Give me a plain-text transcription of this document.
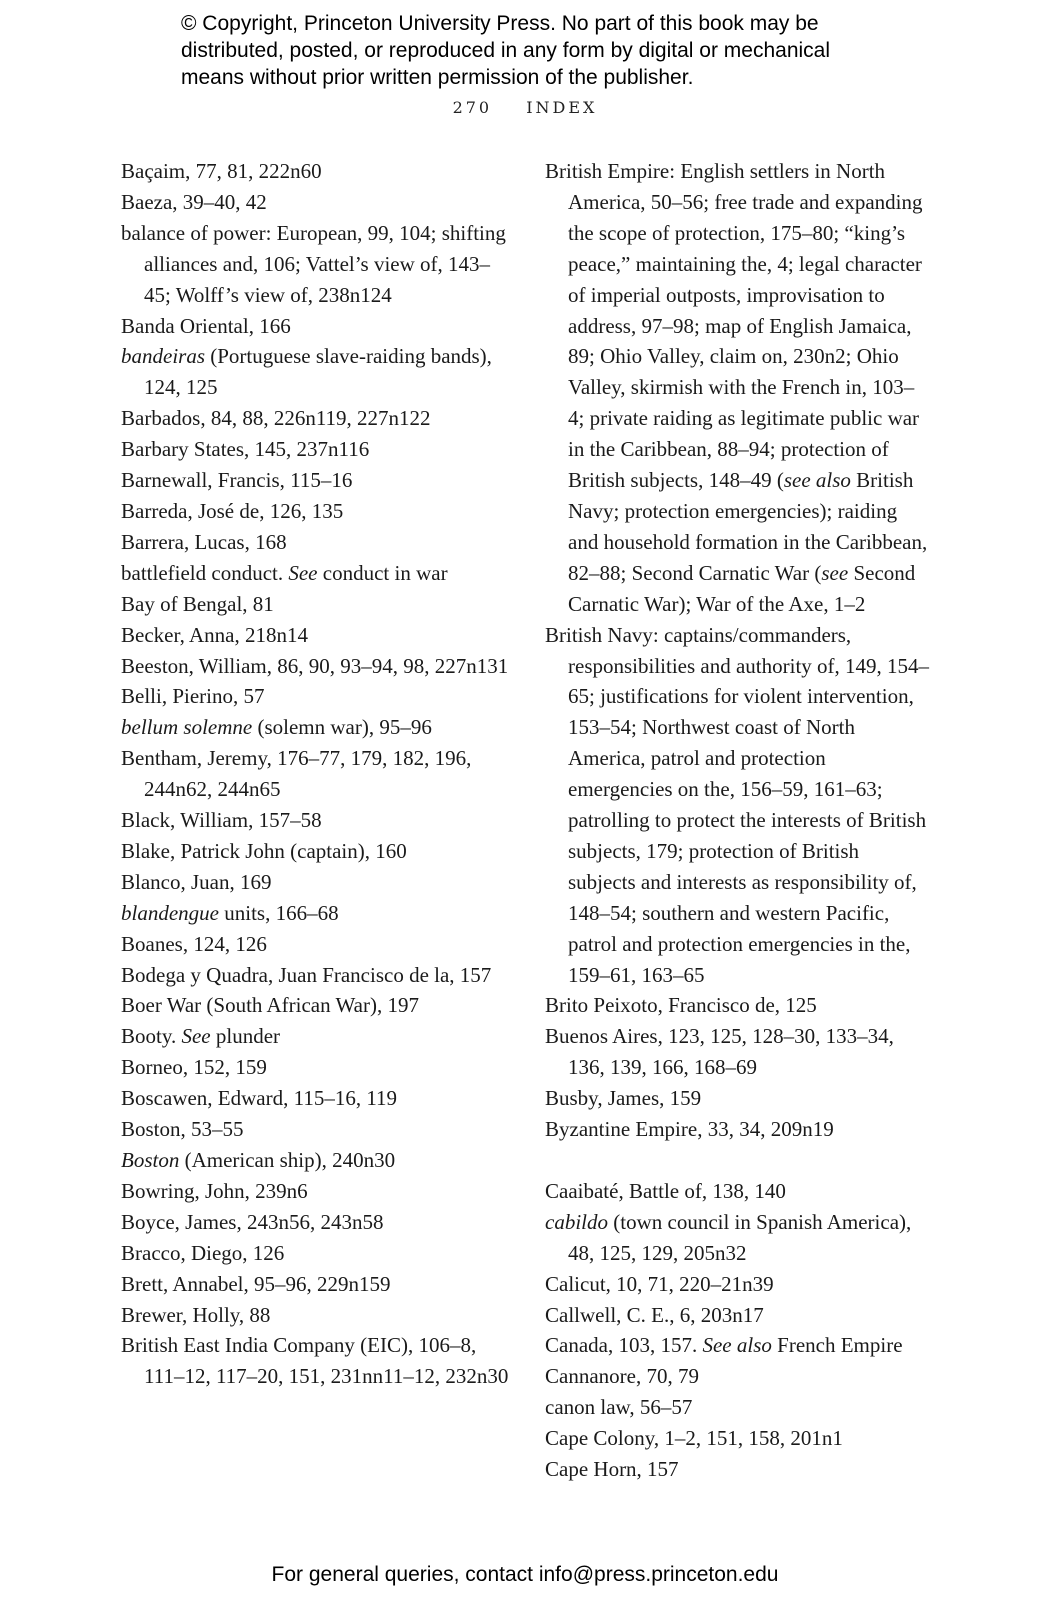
© Copyright, Princeton University Press. No part of this book may be
distributed, posted, or reproduced in any form by digital or mechanical
means without prior written permission of the publisher.
270 INDEX

Baçaim, 77, 81, 222n60

Baeza, 39–40, 42

balance of power: European, 99, 104; shifting alliances and, 106; Vattel’s view of, 143–45; Wolff’s view of, 238n124

Banda Oriental, 166

bandeiras (Portuguese slave-raiding bands), 124, 125

Barbados, 84, 88, 226n119, 227n122

Barbary States, 145, 237n116

Barnewall, Francis, 115–16

Barreda, José de, 126, 135

Barrera, Lucas, 168

battlefield conduct. See conduct in war

Bay of Bengal, 81

Becker, Anna, 218n14

Beeston, William, 86, 90, 93–94, 98, 227n131

Belli, Pierino, 57

bellum solemne (solemn war), 95–96

Bentham, Jeremy, 176–77, 179, 182, 196, 244n62, 244n65

Black, William, 157–58

Blake, Patrick John (captain), 160

Blanco, Juan, 169

blandengue units, 166–68

Boanes, 124, 126

Bodega y Quadra, Juan Francisco de la, 157

Boer War (South African War), 197

Booty. See plunder

Borneo, 152, 159

Boscawen, Edward, 115–16, 119

Boston, 53–55

Boston (American ship), 240n30

Bowring, John, 239n6

Boyce, James, 243n56, 243n58

Bracco, Diego, 126

Brett, Annabel, 95–96, 229n159

Brewer, Holly, 88

British East India Company (EIC), 106–8, 111–12, 117–20, 151, 231nn11–12, 232n30

British Empire: English settlers in North America, 50–56; free trade and expanding the scope of protection, 175–80; “king’s peace,” maintaining the, 4; legal character of imperial outposts, improvisation to address, 97–98; map of English Jamaica, 89; Ohio Valley, claim on, 230n2; Ohio Valley, skirmish with the French in, 103–4; private raiding as legitimate public war in the Caribbean, 88–94; protection of British subjects, 148–49 (see also British Navy; protection emergencies); raiding and household formation in the Caribbean, 82–88; Second Carnatic War (see Second Carnatic War); War of the Axe, 1–2

British Navy: captains/commanders, responsibilities and authority of, 149, 154–65; justifications for violent intervention, 153–54; Northwest coast of North America, patrol and protection emergencies on the, 156–59, 161–63; patrolling to protect the interests of British subjects, 179; protection of British subjects and interests as responsibility of, 148–54; southern and western Pacific, patrol and protection emergencies in the, 159–61, 163–65

Brito Peixoto, Francisco de, 125

Buenos Aires, 123, 125, 128–30, 133–34, 136, 139, 166, 168–69

Busby, James, 159

Byzantine Empire, 33, 34, 209n19

Caaibaté, Battle of, 138, 140

cabildo (town council in Spanish America), 48, 125, 129, 205n32

Calicut, 10, 71, 220–21n39

Callwell, C. E., 6, 203n17

Canada, 103, 157. See also French Empire

Cannanore, 70, 79

canon law, 56–57

Cape Colony, 1–2, 151, 158, 201n1

Cape Horn, 157

For general queries, contact info@press.princeton.edu
